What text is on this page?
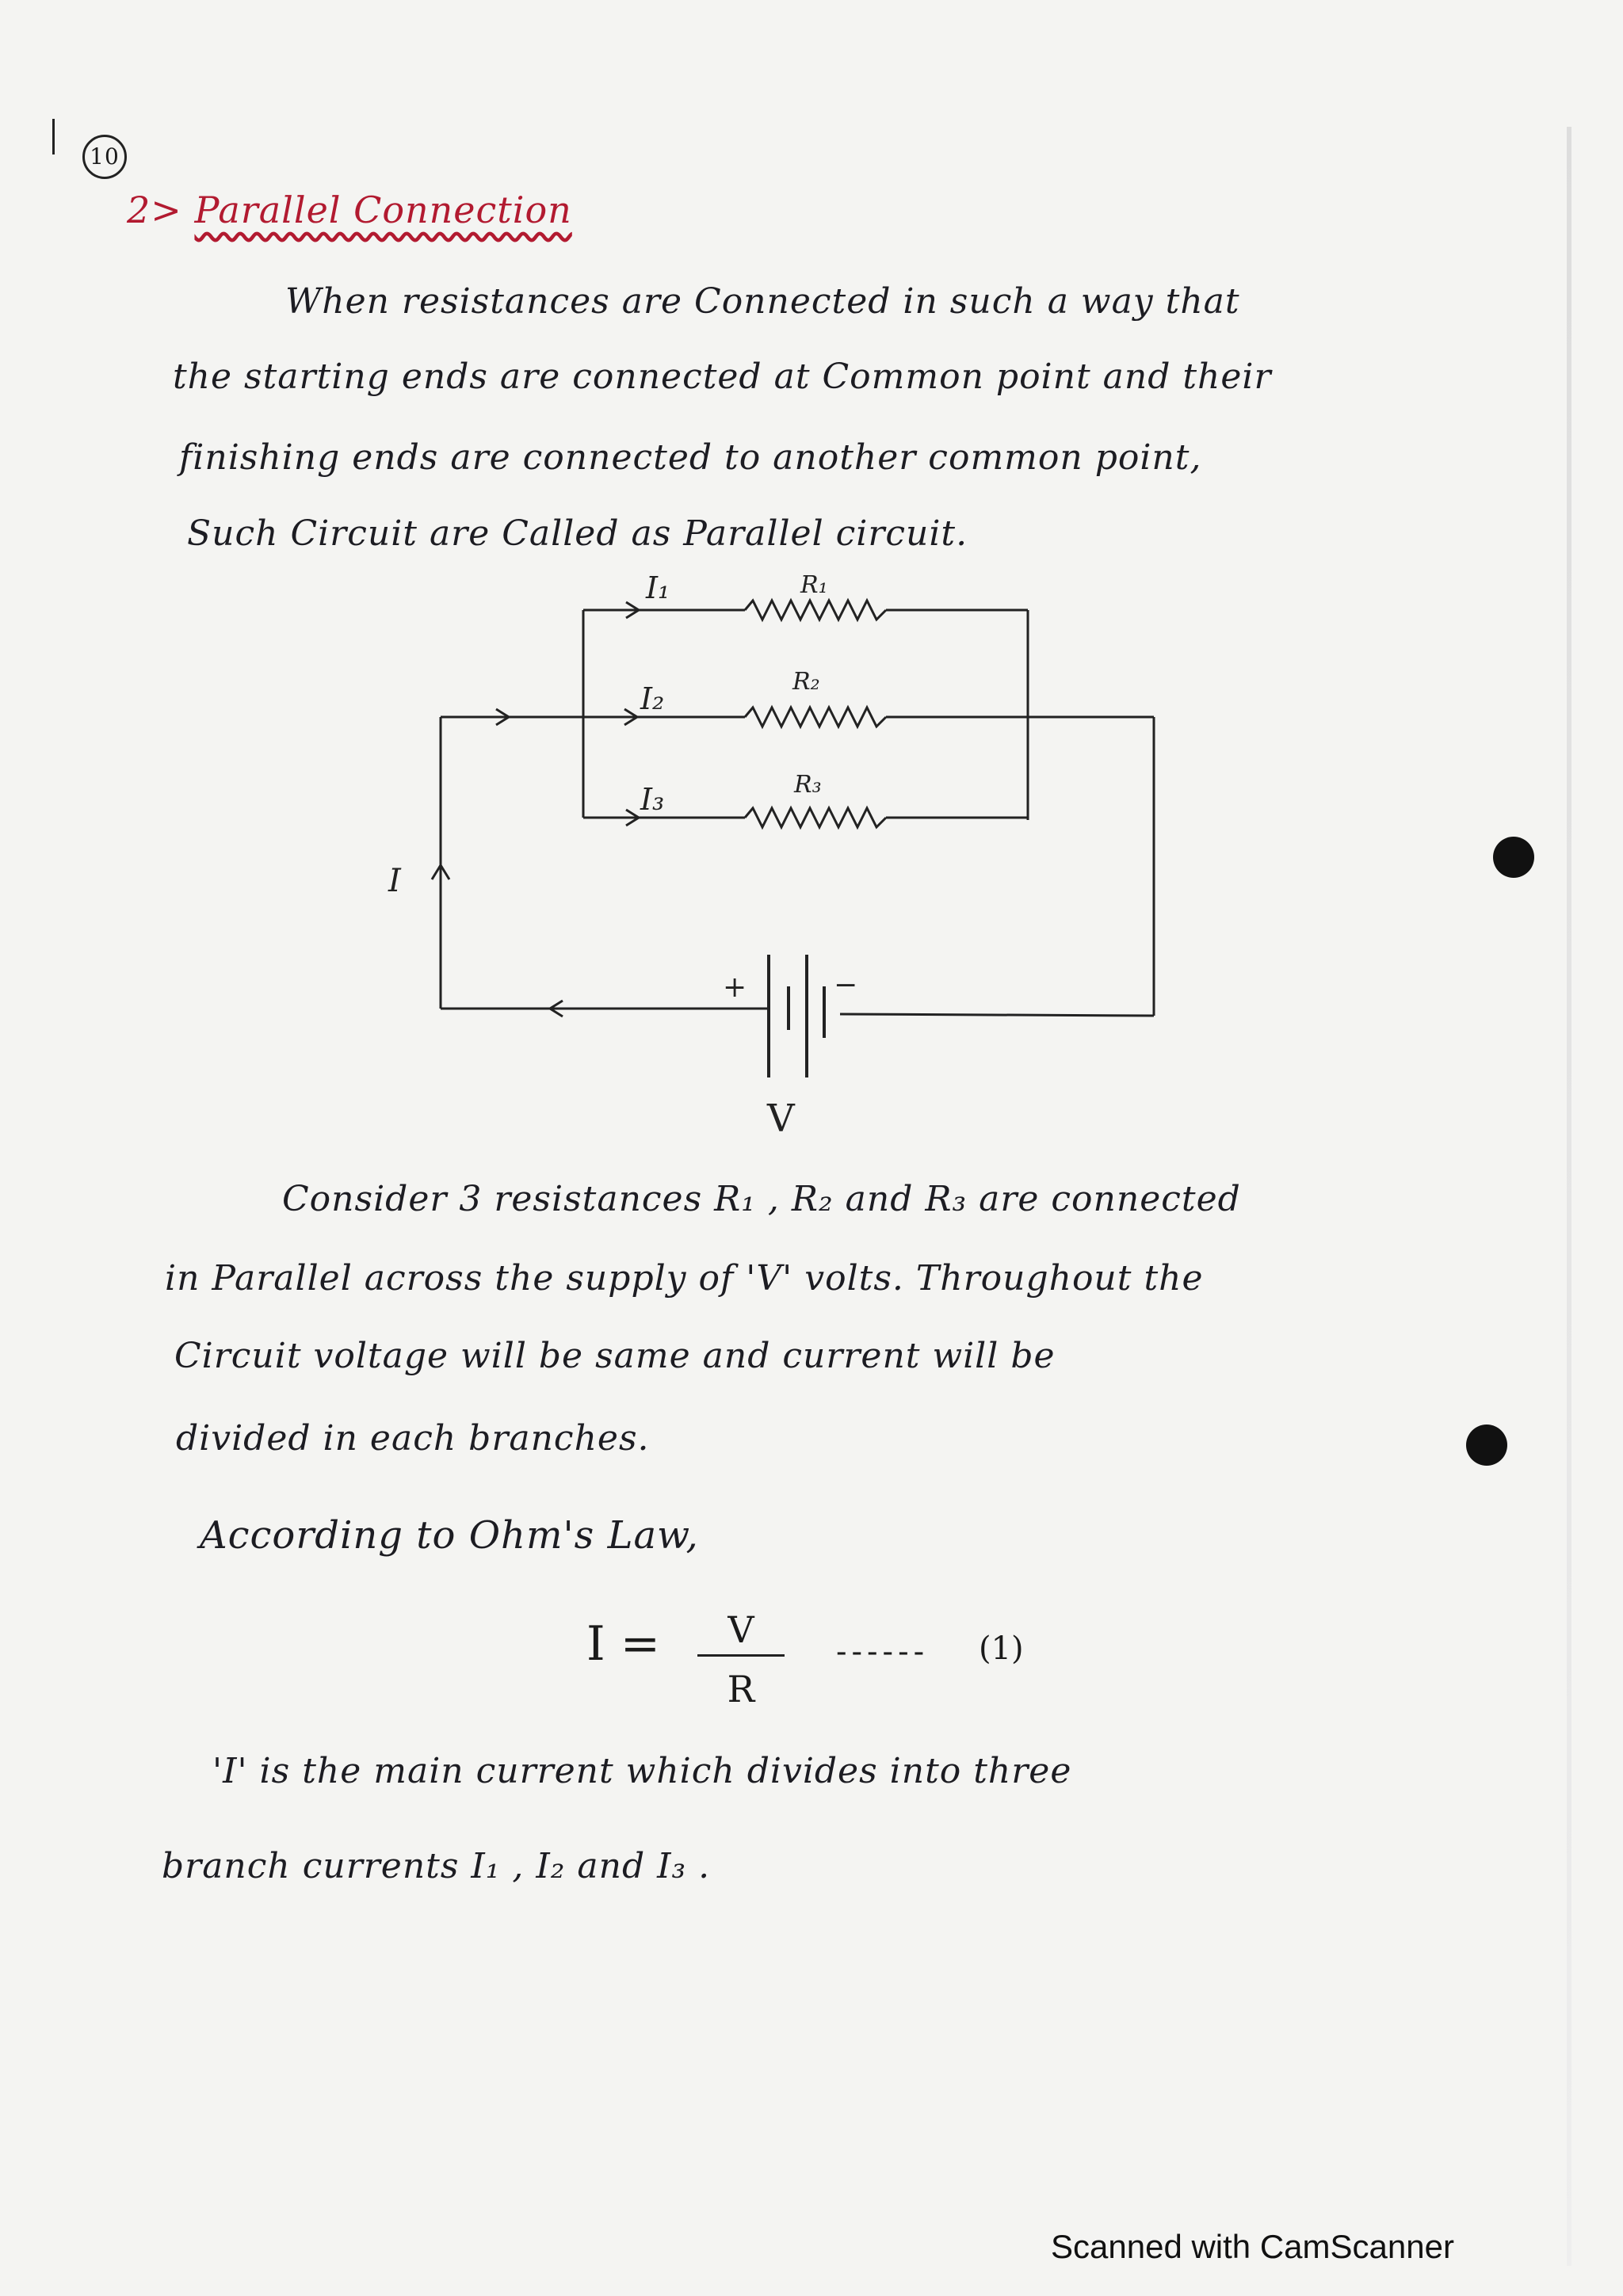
10
2> Parallel Connection
When resistances are Connected in such a way that
the starting ends are connected at Common point and their
finishing ends are connected to another common point,
Such Circuit are Called as Parallel circuit.
I₁	R₁
I₂	R₂
I₃	R₃
I
+	−
V
Consider 3 resistances R₁ , R₂ and R₃ are connected
in Parallel across the supply of 'V' volts. Throughout the
Circuit voltage will be same and current will be
divided in each branches.
According to Ohm's Law,
I =	V
R
------ (1)
'I' is the main current which divides into three
branch currents I₁ , I₂ and I₃ .
Scanned with CamScanner
